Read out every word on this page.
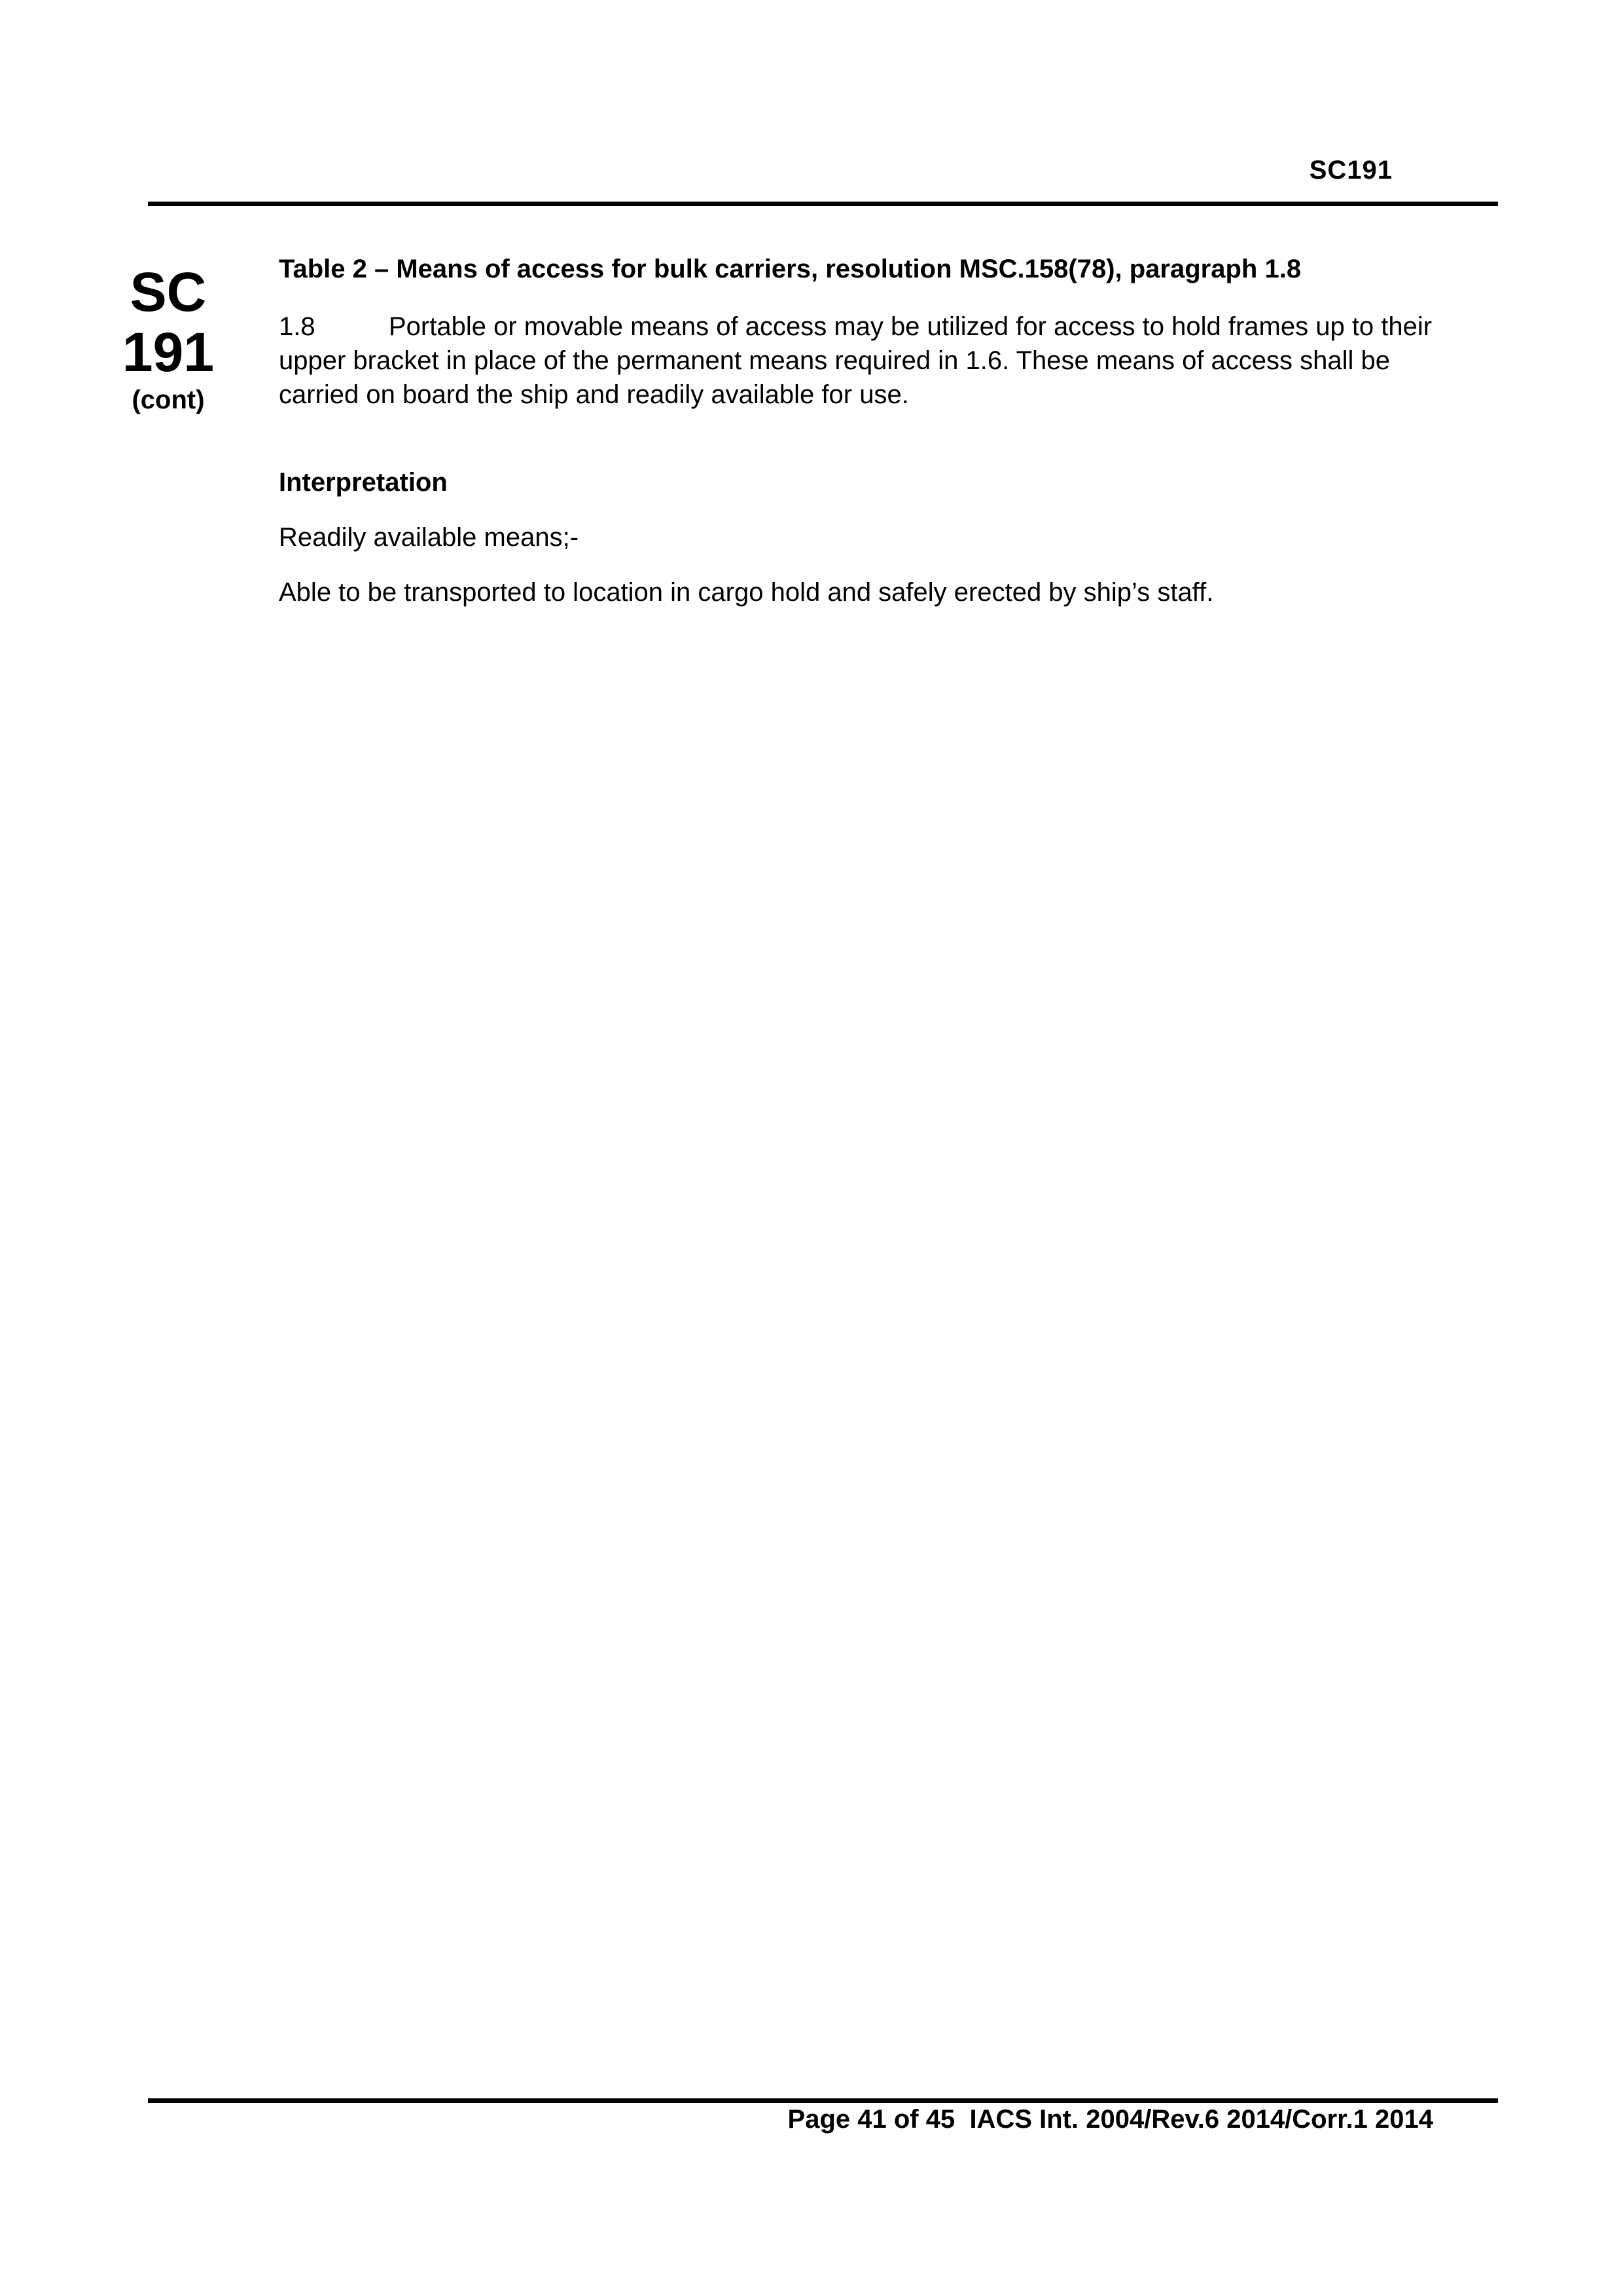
SC191
SC
191
(cont)

Table 2 – Means of access for bulk carriers, resolution MSC.158(78), paragraph 1.8

1.8	Portable or movable means of access may be utilized for access to hold frames up to their upper bracket in place of the permanent means required in 1.6. These means of access shall be carried on board the ship and readily available for use.

Interpretation

Readily available means;-

Able to be transported to location in cargo hold and safely erected by ship’s staff.

Page 41 of 45  IACS Int. 2004/Rev.6 2014/Corr.1 2014
